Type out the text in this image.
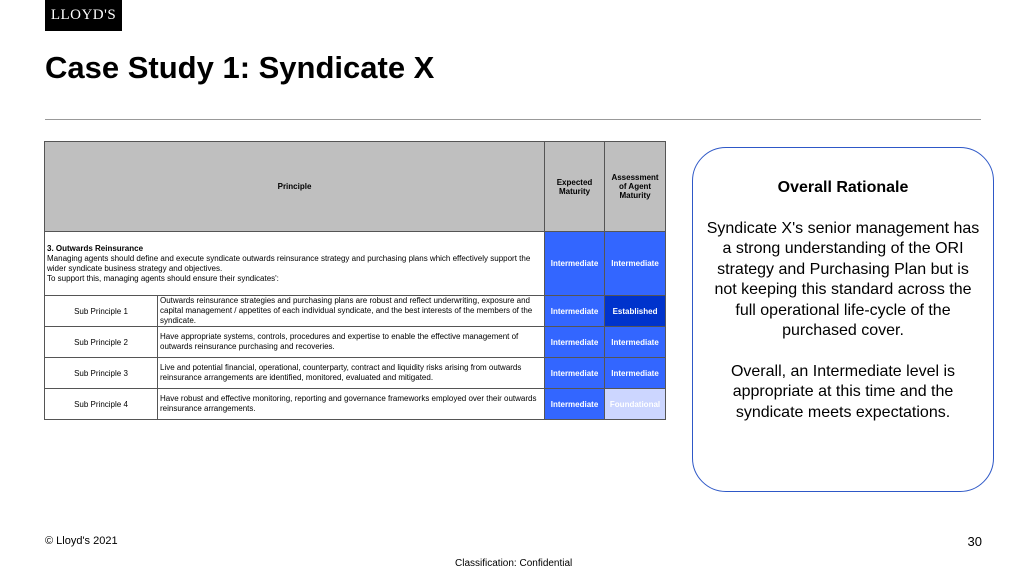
LLOYD'S
Case Study 1: Syndicate X
Principle		Expected Maturity	Assessment of Agent Maturity

3. Outwards Reinsurance
Managing agents should define and execute syndicate outwards reinsurance strategy and purchasing plans which effectively support the wider syndicate business strategy and objectives.
To support this, managing agents should ensure their syndicates':		Intermediate	Intermediate
Sub Principle 1	Outwards reinsurance strategies and purchasing plans are robust and reflect underwriting, exposure and capital management / appetites of each individual syndicate, and the best interests of the members of the syndicate.	Intermediate	Established
Sub Principle 2	Have appropriate systems, controls, procedures and expertise to enable the effective management of outwards reinsurance purchasing and recoveries.	Intermediate	Intermediate
Sub Principle 3	Live and potential financial, operational, counterparty, contract and liquidity risks arising from outwards reinsurance arrangements are identified, monitored, evaluated and mitigated.	Intermediate	Intermediate
Sub Principle 4	Have robust and effective monitoring, reporting and governance frameworks employed over their outwards reinsurance arrangements.	Intermediate	Foundational
Overall Rationale

Syndicate X's senior management has a strong understanding of the ORI strategy and Purchasing Plan but is not keeping this standard across the full operational life-cycle of the purchased cover.

Overall, an Intermediate level is appropriate at this time and the syndicate meets expectations.

© Lloyd's 2021	30
Classification: Confidential
